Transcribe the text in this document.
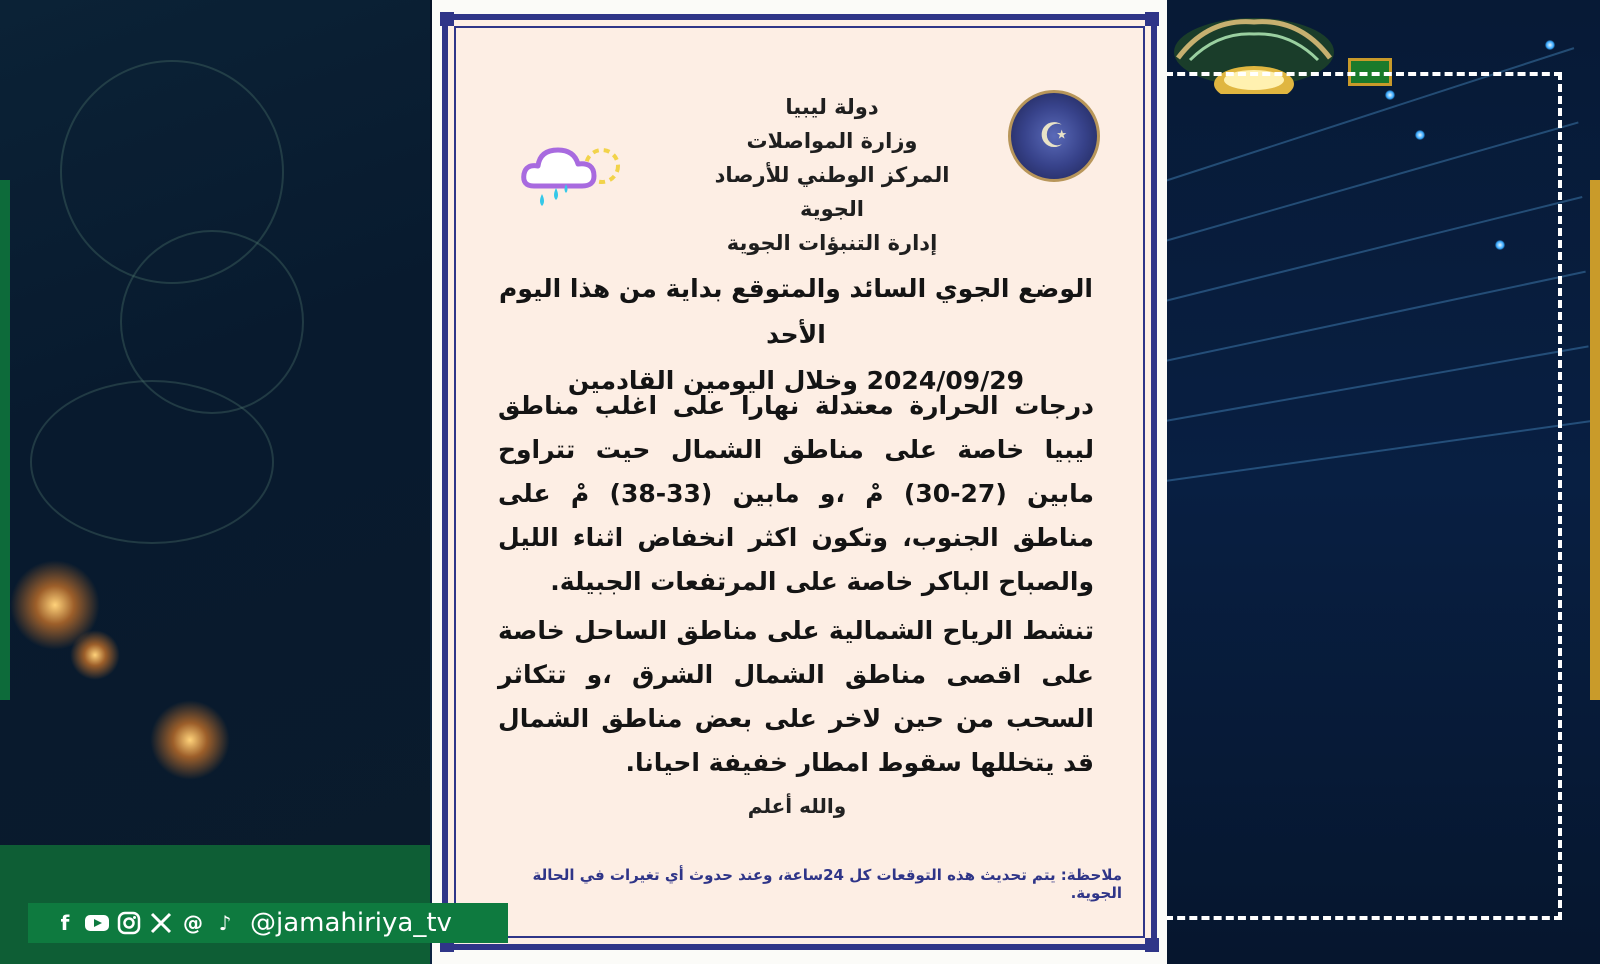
دولة ليبيا
وزارة المواصلات
المركز الوطني للأرصاد الجوية
إدارة التنبؤات الجوية
☪
الوضع الجوي السائد والمتوقع بداية من هذا اليوم الأحد
2024/09/29 وخلال اليومين القادمين
درجات الحرارة معتدلة نهارا على اغلب مناطق ليبيا خاصة على مناطق الشمال حيت تتراوح مابين (27-30) مْ ،و مابين (33-38) مْ على مناطق الجنوب، وتكون اكثر انخفاض اثناء الليل والصباح الباكر خاصة على المرتفعات الجبيلة.
تنشط الرياح الشمالية على مناطق الساحل خاصة على اقصى مناطق الشمال الشرق ،و تتكاثر السحب من حين لاخر على بعض مناطق الشمال قد يتخللها سقوط امطار خفيفة احيانا.
والله أعلم
ملاحظة: يتم تحديث هذه التوقعات كل 24ساعة، وعند حدوث أي تغيرات في الحالة الجوية.
f	@ ♪ @jamahiriya_tv
